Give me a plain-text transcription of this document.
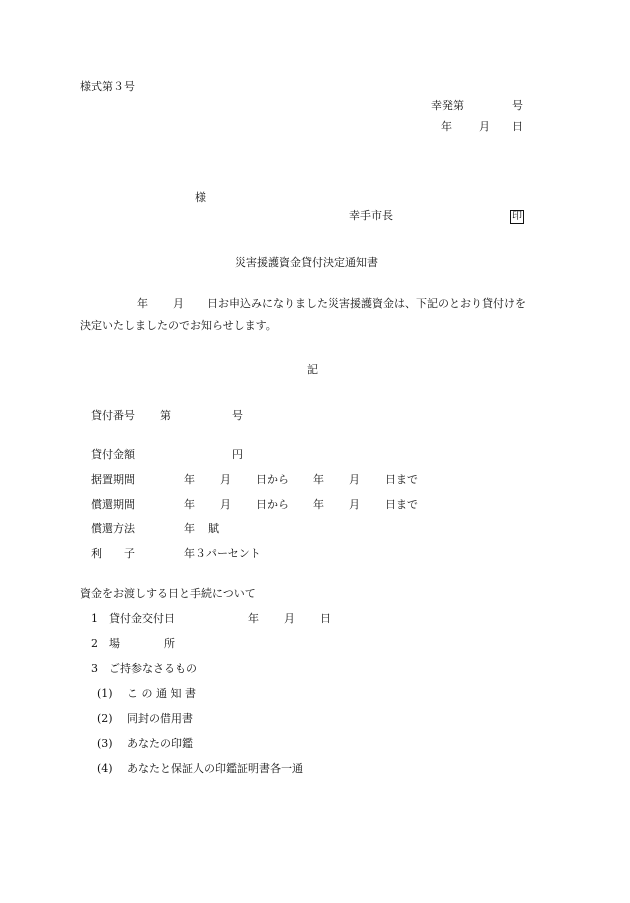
様式第３号
幸発第	号
年 月 日
様
幸手市長	印
災害援護資金貸付決定通知書
年 月 日お申込みになりました災害援護資金は、下記のとおり貸付けを
決定いたしましたのでお知らせします。
記
貸付番号 第	号
貸付金額	円
据置期間	年 月 日から 年 月 日まで
償還期間	年 月 日から 年 月 日まで
償還方法	年 賦
利　　子	年３パーセント
資金をお渡しする日と手続について
1 貸付金交付日	年 月 日
2 場　　　　所
3 ご持参なさるもの
(1) こ の 通 知 書
(2) 同封の借用書
(3) あなたの印鑑
(4) あなたと保証人の印鑑証明書各一通
